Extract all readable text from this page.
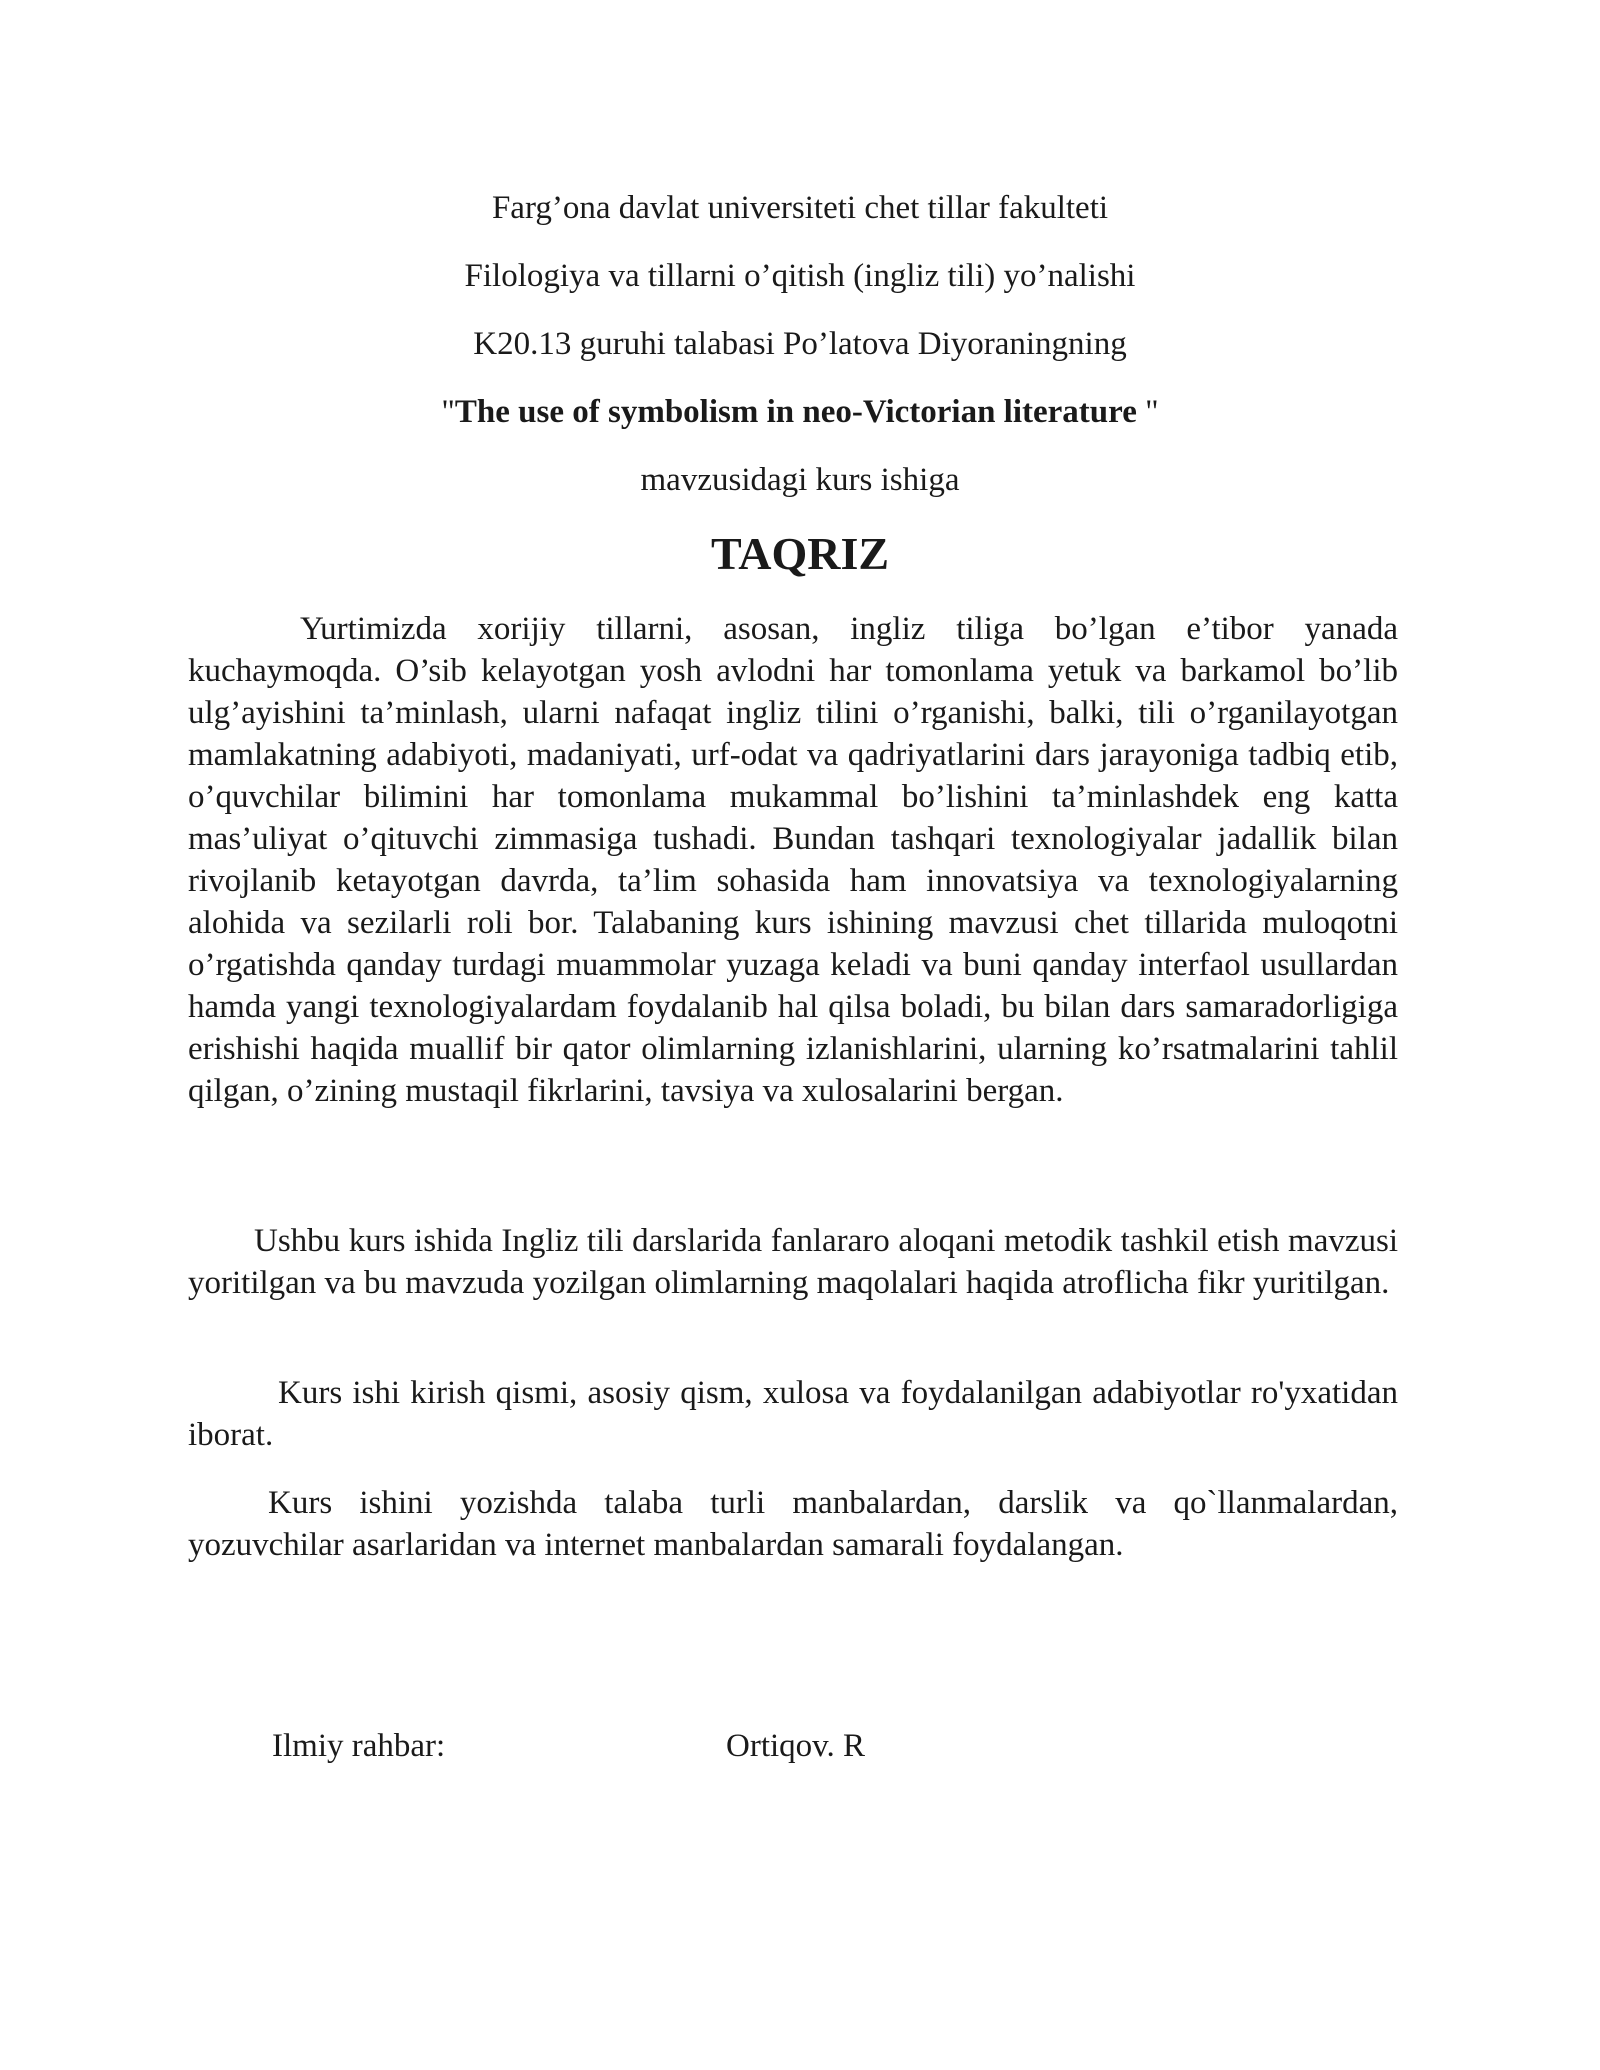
Farg’ona davlat universiteti chet tillar fakulteti
Filologiya va tillarni o’qitish (ingliz tili) yo’nalishi
K20.13 guruhi talabasi Po’latova Diyoraningning
"The use of symbolism in neo-Victorian literature "
mavzusidagi kurs ishiga
TAQRIZ

Yurtimizda xorijiy tillarni, asosan, ingliz tiliga bo’lgan e’tibor yanada kuchaymoqda. O’sib kelayotgan yosh avlodni har tomonlama yetuk va barkamol bo’lib ulg’ayishini ta’minlash, ularni nafaqat ingliz tilini o’rganishi, balki, tili o’rganilayotgan mamlakatning adabiyoti, madaniyati, urf-odat va qadriyatlarini dars jarayoniga tadbiq etib, o’quvchilar bilimini har tomonlama mukammal bo’lishini ta’minlashdek eng katta mas’uliyat o’qituvchi zimmasiga tushadi. Bundan tashqari texnologiyalar jadallik bilan rivojlanib ketayotgan davrda, ta’lim sohasida ham innovatsiya va texnologiyalarning alohida va sezilarli roli bor. Talabaning kurs ishining mavzusi chet tillarida muloqotni o’rgatishda qanday turdagi muammolar yuzaga keladi va buni qanday interfaol usullardan hamda yangi texnologiyalardam foydalanib hal qilsa boladi, bu bilan dars samaradorligiga erishishi haqida muallif bir qator olimlarning izlanishlarini, ularning ko’rsatmalarini tahlil qilgan, o’zining mustaqil fikrlarini, tavsiya va xulosalarini bergan.

Ushbu kurs ishida Ingliz tili darslarida fanlararo aloqani metodik tashkil etish mavzusi yoritilgan va bu mavzuda yozilgan olimlarning maqolalari haqida atroflicha fikr yuritilgan.

Kurs ishi kirish qismi, asosiy qism, xulosa va foydalanilgan adabiyotlar ro'yxatidan iborat.

Kurs ishini yozishda talaba turli manbalardan, darslik va qo`llanmalardan, yozuvchilar asarlaridan va internet manbalardan samarali foydalangan.

Ilmiy rahbar:	Ortiqov. R
